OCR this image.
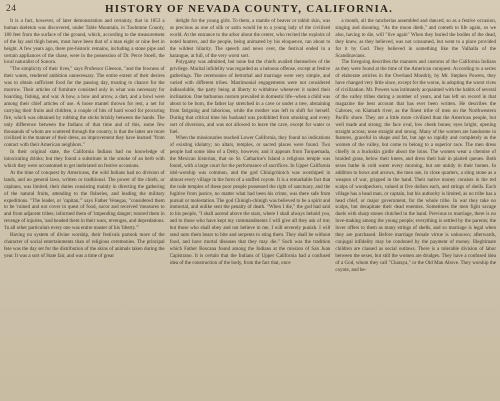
24	HISTORY OF NEVADA COUNTY, CALIFORNIA.

It is a fact, however, of later demonstration and certainty, that in 1853 a human skeleton was discovered, under Table Mountain, in Tuolumne County, 180 feet from the surface of the ground, which, according to the measurement of the lay and thigh bones, must have been that of a man eight or nine feet in height. A few years ago, there pre-historic remains, including a stone pipe and certain appliances of the chase, were in the possession of Dr. Perce Stoell, the local naturalist of Sonora.

"The simplicity of their lives," says Professor Gleeson, "and the fewness of their wants, rendered ambition unnecessary. The entire extent of their desires was to obtain sufficient food for the passing day, trusting to chance for the morrow. Their articles of furniture consisted only in what was necessary for hoarding, fishing, and war. A bow, a bow and arrow, a dart, and a bowl were among their chief articles of use. A loose mantel thrown for rest, a net for carrying their fruits and children, a couple of hits of hard wood for procuring fire, which was obtained by rubbing the sticks briskly between the hands. The only difference between the Indians of that time and of this, some few thousands of whom are scattered through the country, is that the latter are more civilized in the manner of their dress, an improvement they have learned "from contact with their American neighbors."

In their original state, the California Indians had no knowledge of intoxicating drinks; but they found a substitute in the smoke of an herb with which they were accustomed to get inebriated on festive occasions.

At the time of conquest by Americans, the wild Indians had no division of lands, and no general laws, written or traditional. The power of the chiefs, or capitans, was limited, their duties consisting mainly in directing the gathering of the natural fruits, attending to the fisheries, and leading the military expeditions. "The leader, or 'capitan,'" says Father Venegas, "considered them to be 'ruined and not cover in quest of food, sucor and received 'measures to and from adjacent tribes; informed them of 'impending danger; tutored them in revenge of injuries, 'and headed them in their wars, revenges, and depredations. 'In all other particulars every one was entire master of his 'liberty.'"

Having no system of divine worship, their festivals partook more of the character of social entertainments than of religious ceremonies. The principal fete was the day set for the distribution of the skins of animals taken during the year. It was a sort of State fair, and was a time of great

delight for the young girls. To them, a mantle of beaver or rabbit skin, was as precious as one of silk or satin would be to a young lady of the civilized world. At the entrance to the arbor about the center, who recited the exploits of noted hunters, and the people, being animated by his eloquence, ran about to the wildest hilarity. The speech and news over, the festival ended in a harangue, at full, of the very worst sort.

Polygamy was admitted, but none but the chiefs availed themselves of the privilege. Marital infidelity was regarded as a heinous offense, except at festive gatherings. The ceremonies of betrothal and marriage were very simple, and varied with different tribes. Matrimonial engagements were not considered indissoluble, the party being at liberty to withdraw whenever it suited their inclination. One barbarous custom prevailed in domestic life--when a child was about to be born, the father lay stretched in a cave or under a tree, abstaining from fatiguing and laborious, while the mother was left to shift for herself. During that critical time his husband was prohibited from smoking and every sort of diversion, and was not allowed to leave the cave, except for water or fuel.

When the missionaries reached Lower California, they found no indications of existing idolatry; no altars, temples, or sacred places were found. Two people had some idea of a Deity, however, and it appears from Torquemada, the Mexican historian, that on St. Catharine's Island a religious temple was found, with a large court for the performance of sacrifices. In Upper California idol-worship was common, and the god Chinigchinich was worshiped in almost every village in the form of a stuffed coyote. It is a remarkable fact that the rude temples of these poor people possessed the right of sanctuary, and the fugitive from justice, no matter what had been his crime, was there safe from pursuit or molestation. The god Chinigh-chinigh was believed to be a spirit and immortal, and unlike sent the penalty of death. "When I die," the god had said to his people, "I shall ascend above the stars, where I shall always behold you, and to those who have kept my commandments I will give all they ask of me; but those who shall obey and not believe in me, I will severely punish. I will send unto them bears to bite and serpents to sting them. They shall be without food, and have mortal diseases that they may die." Such was the tradition which Father Boscana found among the Indians at the mission of San Juan Capistrano. It is certain that the Indians of Upper California had a confused idea of the construction of the body, from the fact that, once

a month, all the rancherias assembled and danced, so as a festive occasion, singing and shouting. "As the moon dieth," and cometh to life again, so we also, having to die, will "live again" When they buried the bodies of the dead, they knew, as they believed, was not consumed, but went to a place provided for it by God. They believed in something like the Valhalla of the Scandinavians.

The foregoing describes the manners and customs of the California Indians as they were found at the time of the American conquest. According to a series of elaborate articles in the Overland Monthly, by Mr. Stephen Powers, they have changed very little since, except for the worse, in adopting the worst vices of civilization. Mr. Powers was intimately acquainted with the habits of several of the valley tribes during a number of years, and has left on record in that magazine the best account that has ever been written. He describes the Cahroes, on Klamath river, as the finest tribe of men on the Northwestern Pacific shore. They are a little more civilized than the American people, but well made and strong; the face oval, low cheek bones; eyes bright, opening straight across; nose straight and strong. Many of the women are handsome in features, graceful in shape and fat, but age so rapidly and completely as the women of the valley, but come to belong to a superior race. The men dress chiefly in a buckskin girdle about the loins. The women wear a chemise of braided grass, below their knees, and dress their hair in plaited queues. Both sexes bathe in cold water every morning, but are untidy in their homes. In addition to bows and arrows, the men use, in close quarters, a sling stone as a weapon of war, gripped in the hand. Their native money consists in the red scalps of woodpeckers, valued at five dollars each, and strings of shells. Each village has a head man, or captain, but his authority is limited, as no tribe has a head chief, or major government, for the whole tribe. In war they take no scalps, but decapitate their dead enemies. Sometimes the men fight savage duels with sharp stones clutched in the hand. Previous to marriage, there is no love-making among the young people; everything is settled by the parents; the lover offers to them as many strings of shells, and so marriage is legal when they are purchased. Before marriage female virtue is unknown; afterwards, conjugal infidelity may be condoned by the payment of money. Illegitimate children are classed as social outlaws. There is a tolerable division of labor between the sexes, but still the women are drudges. They have a confused idea of a God, whom they call "Charaya," or the Old Man Above. They worship the coyote, and be-
